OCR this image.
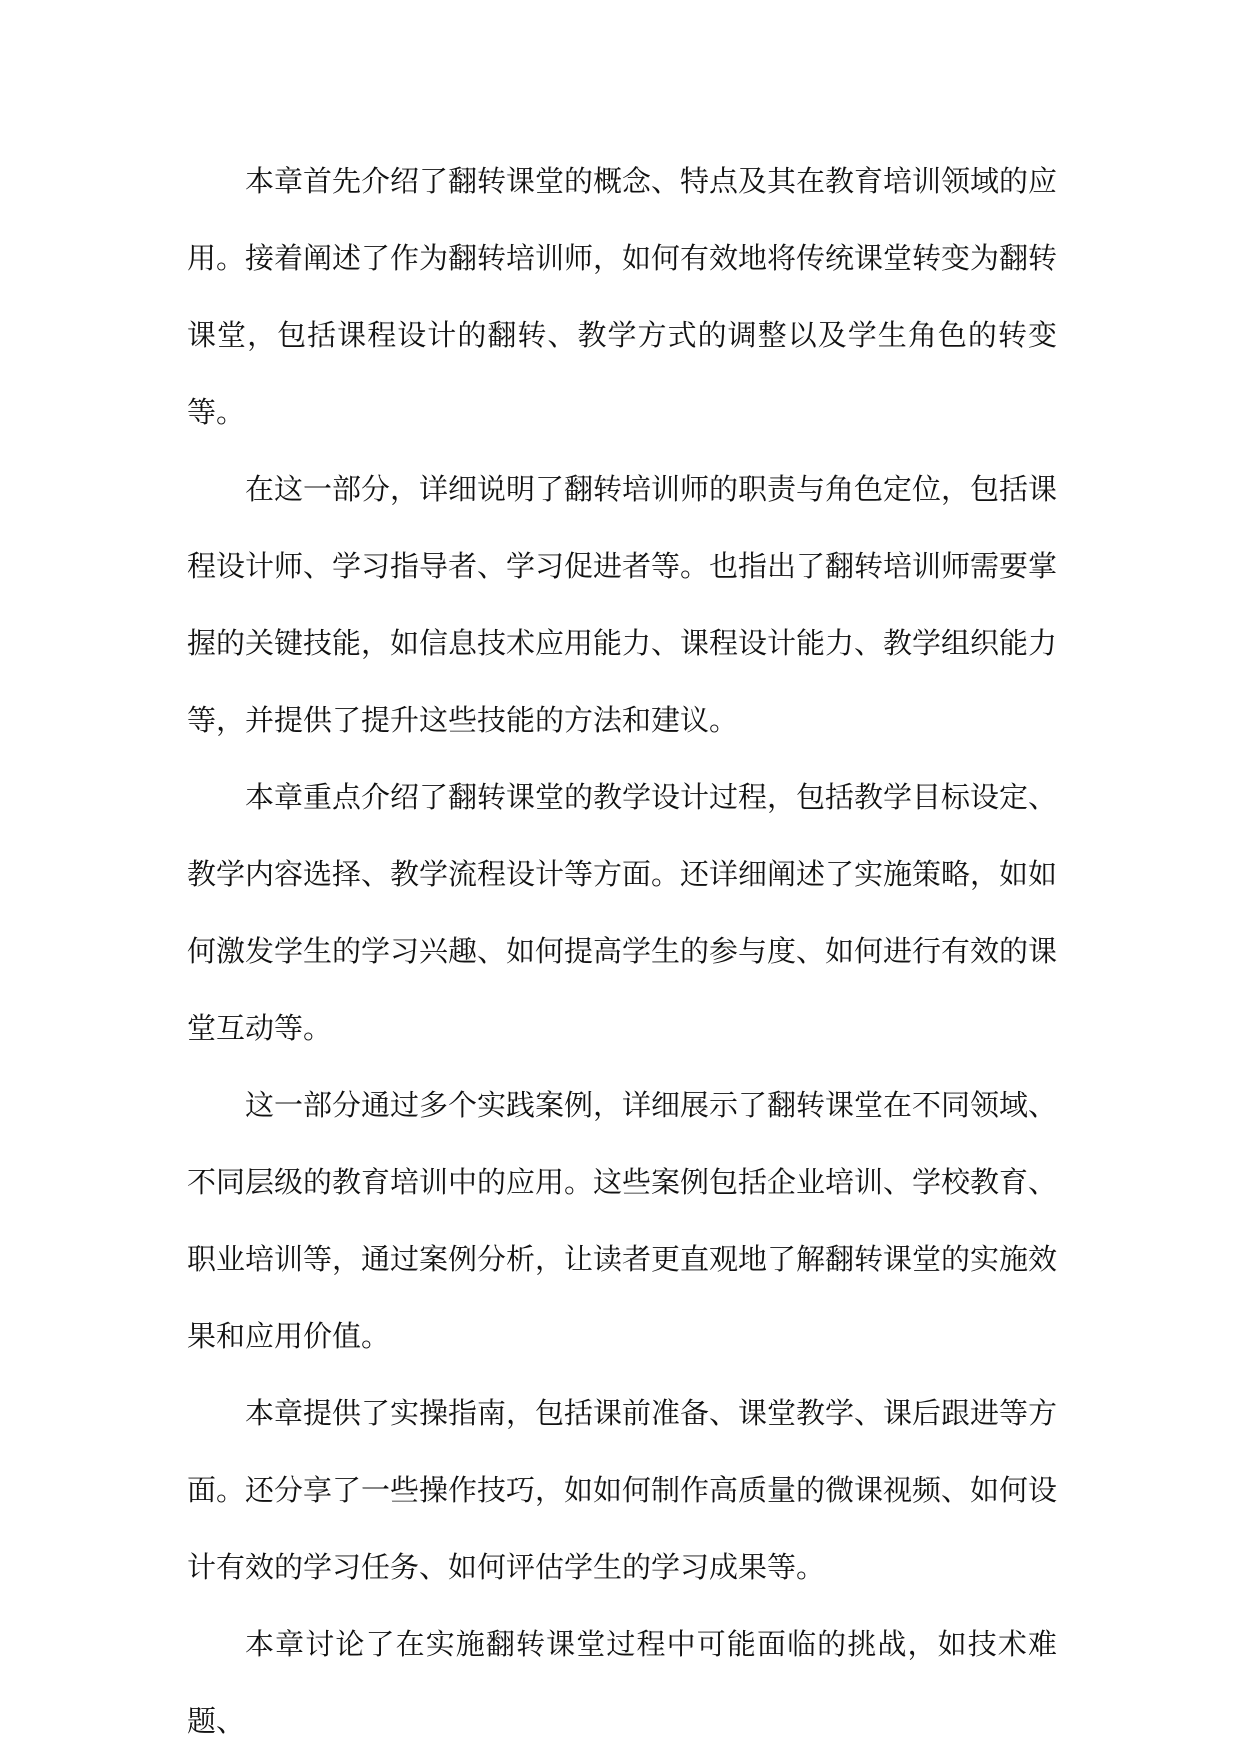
本章首先介绍了翻转课堂的概念、特点及其在教育培训领域的应用。接着阐述了作为翻转培训师，如何有效地将传统课堂转变为翻转课堂，包括课程设计的翻转、教学方式的调整以及学生角色的转变等。

在这一部分，详细说明了翻转培训师的职责与角色定位，包括课程设计师、学习指导者、学习促进者等。也指出了翻转培训师需要掌握的关键技能，如信息技术应用能力、课程设计能力、教学组织能力等，并提供了提升这些技能的方法和建议。

本章重点介绍了翻转课堂的教学设计过程，包括教学目标设定、教学内容选择、教学流程设计等方面。还详细阐述了实施策略，如如何激发学生的学习兴趣、如何提高学生的参与度、如何进行有效的课堂互动等。

这一部分通过多个实践案例，详细展示了翻转课堂在不同领域、不同层级的教育培训中的应用。这些案例包括企业培训、学校教育、职业培训等，通过案例分析，让读者更直观地了解翻转课堂的实施效果和应用价值。

本章提供了实操指南，包括课前准备、课堂教学、课后跟进等方面。还分享了一些操作技巧，如如何制作高质量的微课视频、如何设计有效的学习任务、如何评估学生的学习成果等。

本章讨论了在实施翻转课堂过程中可能面临的挑战，如技术难题、
